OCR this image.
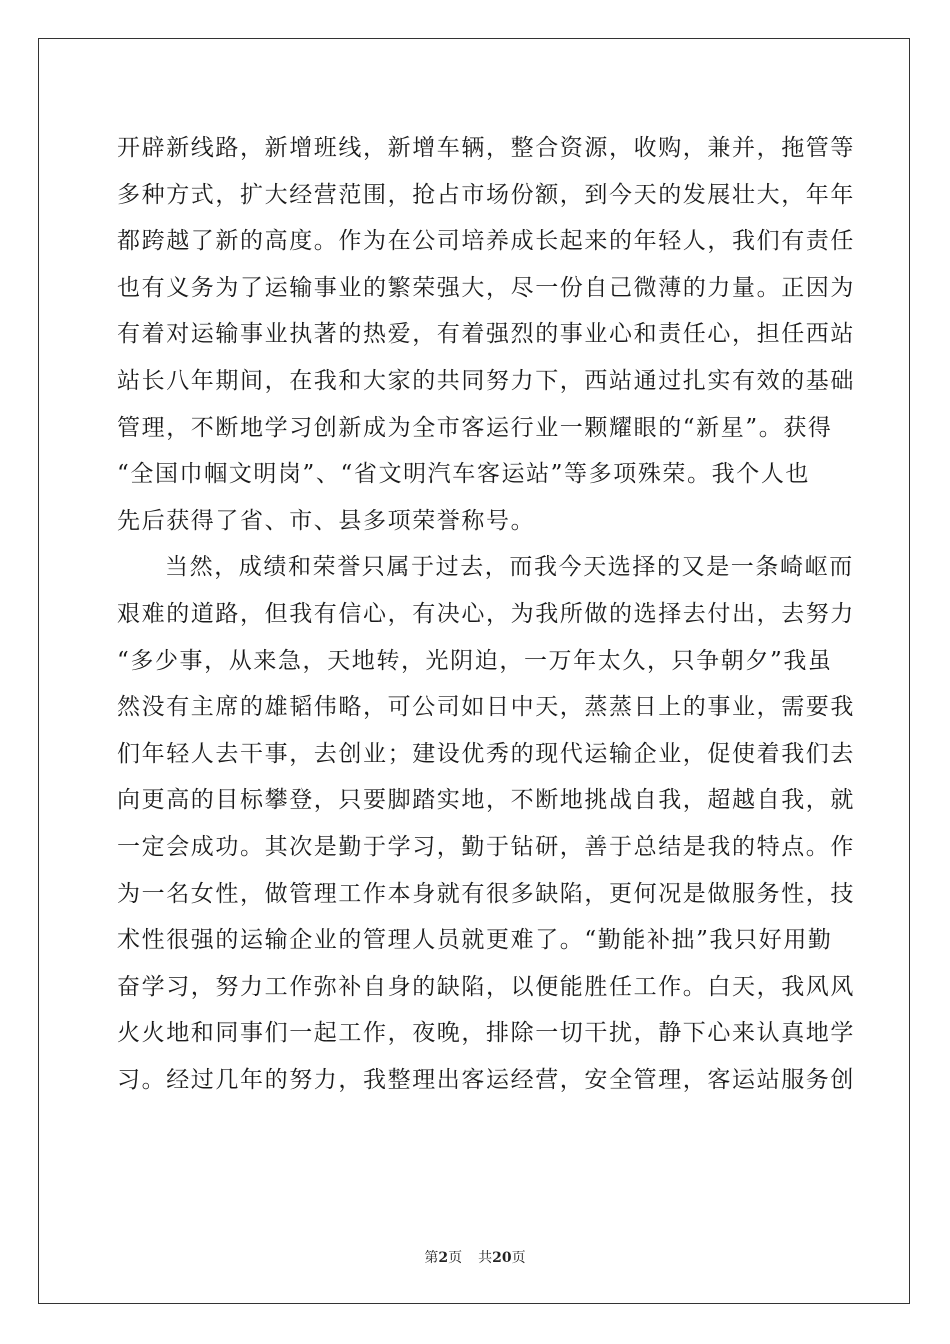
开辟新线路，新增班线，新增车辆，整合资源，收购，兼并，拖管等
多种方式，扩大经营范围，抢占市场份额，到今天的发展壮大，年年
都跨越了新的高度。作为在公司培养成长起来的年轻人，我们有责任
也有义务为了运输事业的繁荣强大，尽一份自己微薄的力量。正因为
有着对运输事业执著的热爱，有着强烈的事业心和责任心，担任西站
站长八年期间，在我和大家的共同努力下，西站通过扎实有效的基础
管理，不断地学习创新成为全市客运行业一颗耀眼的“新星”。获得
“全国巾帼文明岗”、“省文明汽车客运站”等多项殊荣。我个人也
先后获得了省、市、县多项荣誉称号。
当然，成绩和荣誉只属于过去，而我今天选择的又是一条崎岖而
艰难的道路，但我有信心，有决心，为我所做的选择去付出，去努力
“多少事，从来急，天地转，光阴迫，一万年太久，只争朝夕”我虽
然没有主席的雄韬伟略，可公司如日中天，蒸蒸日上的事业，需要我
们年轻人去干事，去创业；建设优秀的现代运输企业，促使着我们去
向更高的目标攀登，只要脚踏实地，不断地挑战自我，超越自我，就
一定会成功。其次是勤于学习，勤于钻研，善于总结是我的特点。作
为一名女性，做管理工作本身就有很多缺陷，更何况是做服务性，技
术性很强的运输企业的管理人员就更难了。“勤能补拙”我只好用勤
奋学习，努力工作弥补自身的缺陷，以便能胜任工作。白天，我风风
火火地和同事们一起工作，夜晚，排除一切干扰，静下心来认真地学
习。经过几年的努力，我整理出客运经营，安全管理，客运站服务创
第2页 共20页
